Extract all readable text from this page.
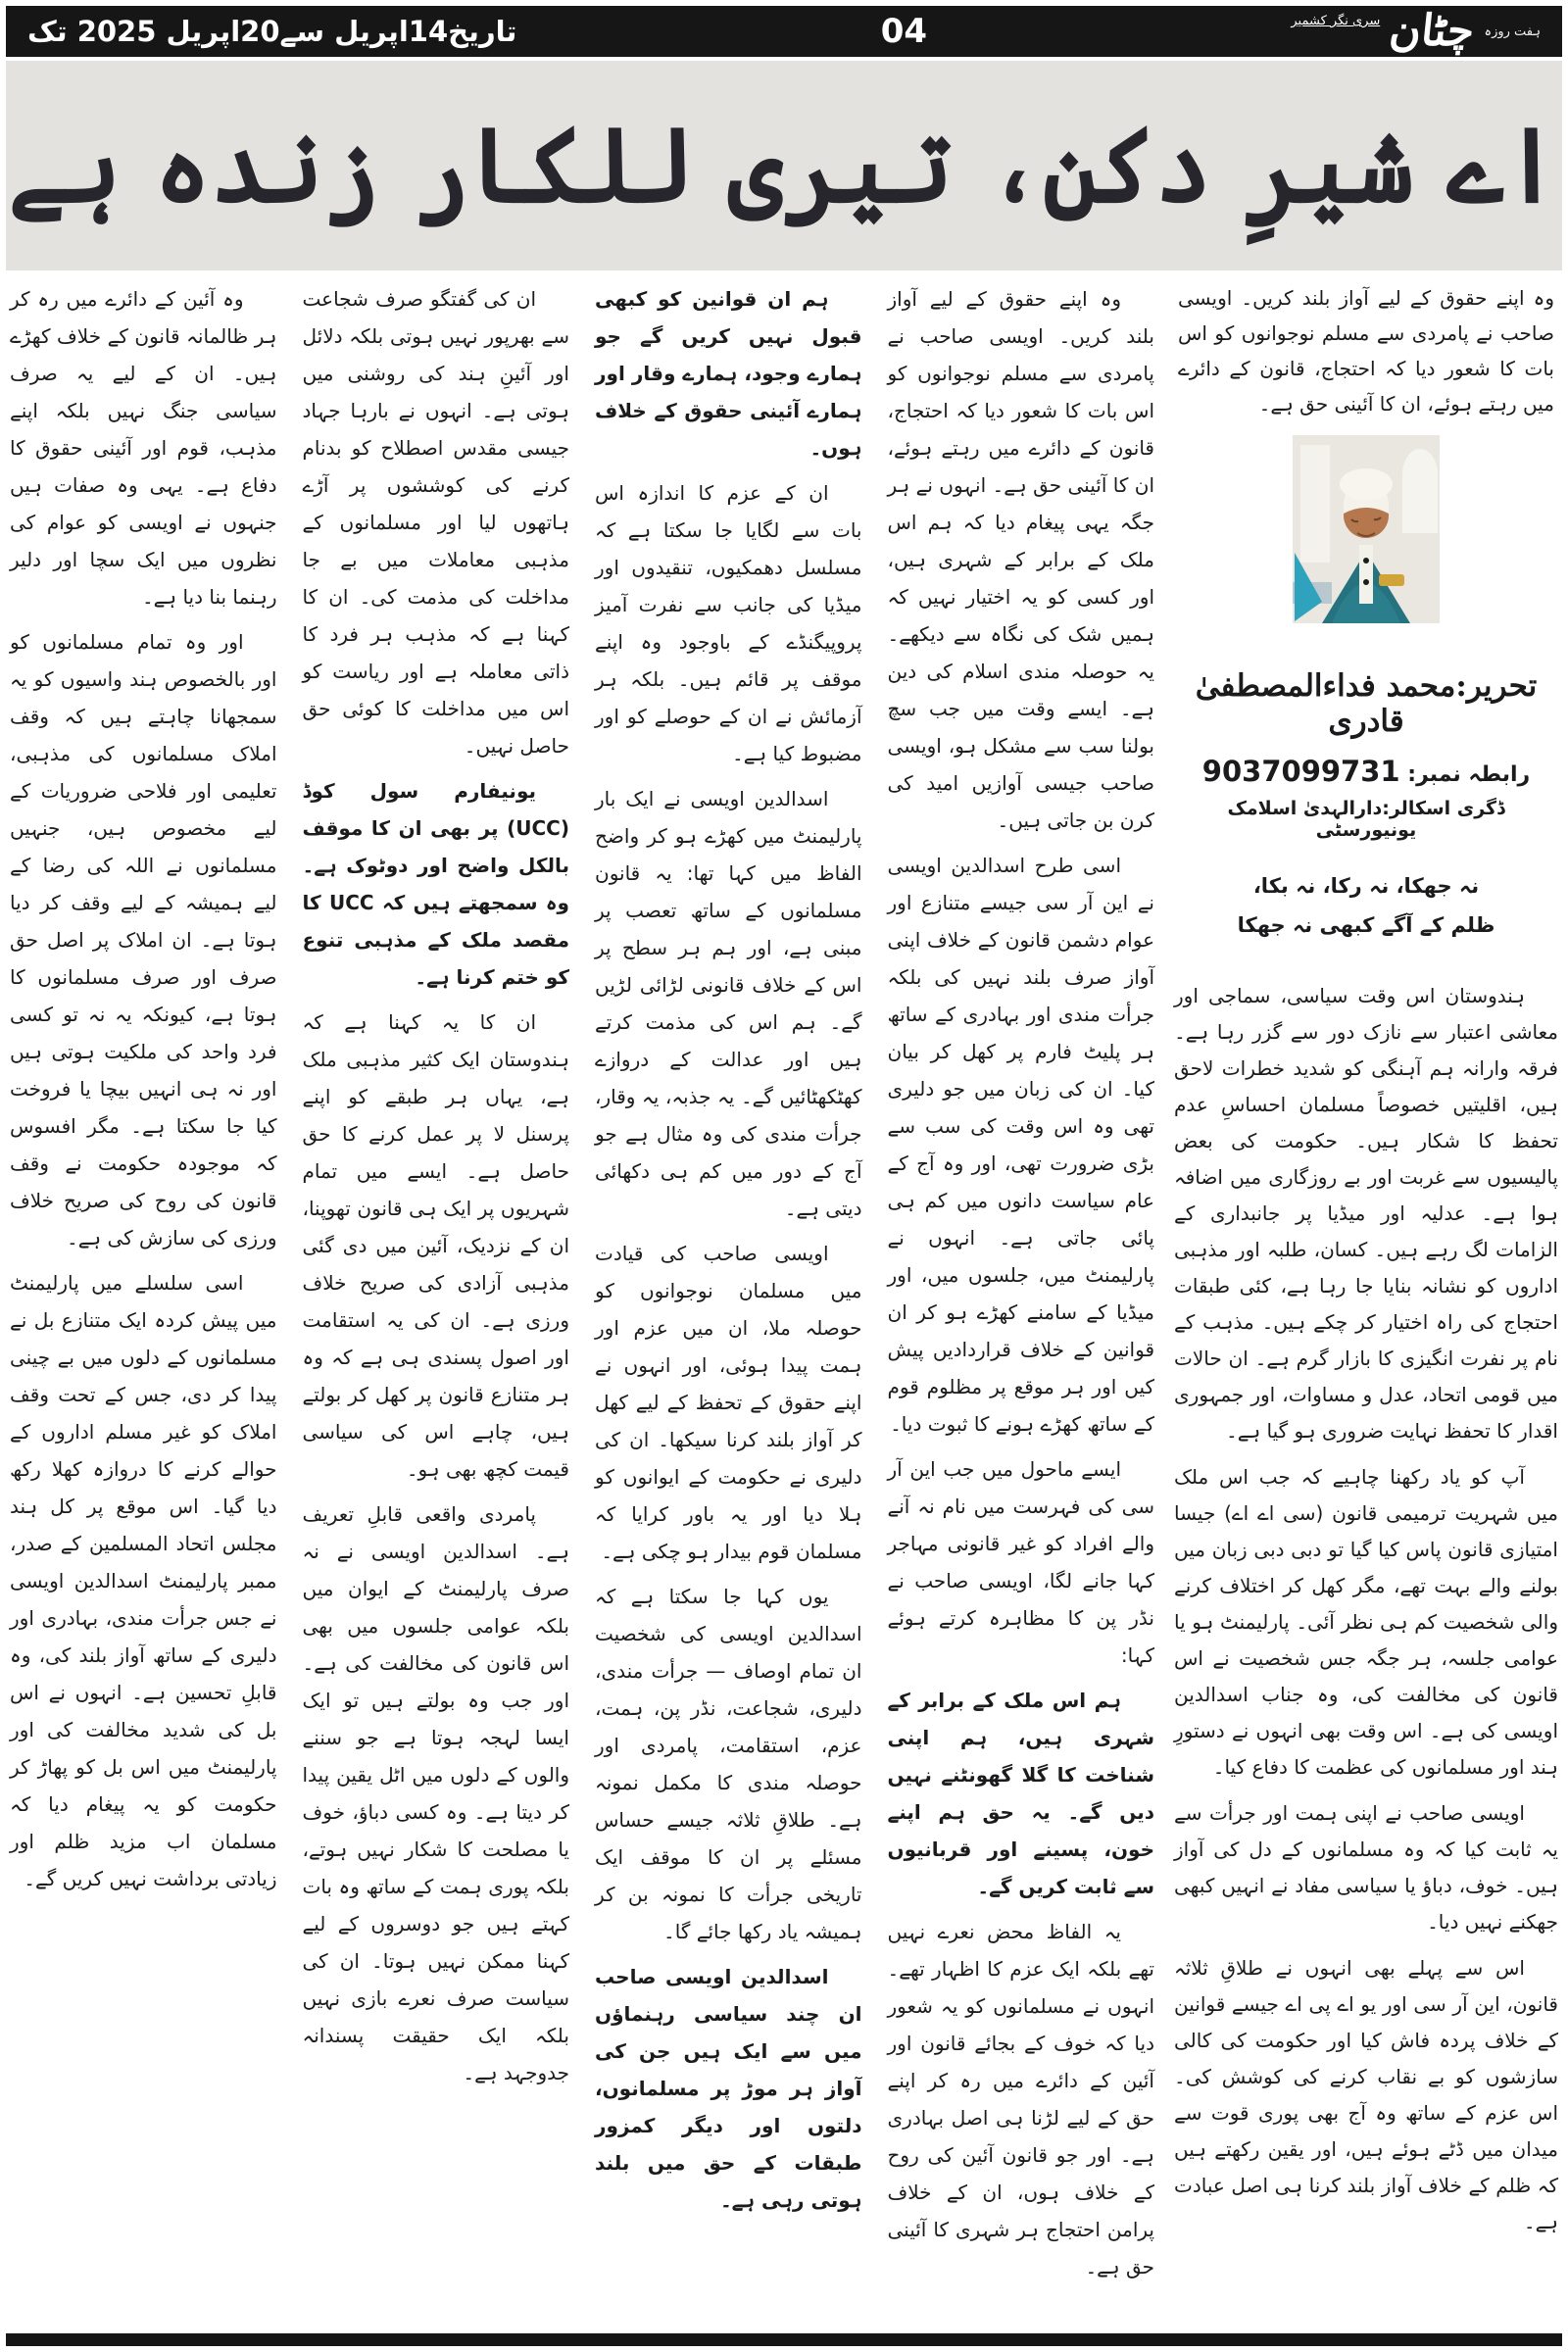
تاریخ14اپریل سے20اپریل 2025 تک	04	ہفت روزہ
چٹان
سری نگر کشمیر
اے شیرِ دکن، تیری للکار زندہ ہے
وہ اپنے حقوق کے لیے آواز بلند کریں۔ اویسی صاحب نے پامردی سے مسلم نوجوانوں کو اس بات کا شعور دیا کہ احتجاج، قانون کے دائرے میں رہتے ہوئے، ان کا آئینی حق ہے۔
تحریر:محمد فداءالمصطفیٰ قادری
رابطہ نمبر: 9037099731
ڈگری اسکالر:دارالہدیٰ اسلامک یونیورسٹی
نہ جھکا، نہ رکا، نہ بکا،
ظلم کے آگے کبھی نہ جھکا

ہندوستان اس وقت سیاسی، سماجی اور معاشی اعتبار سے نازک دور سے گزر رہا ہے۔ فرقہ وارانہ ہم آہنگی کو شدید خطرات لاحق ہیں، اقلیتیں خصوصاً مسلمان احساسِ عدم تحفظ کا شکار ہیں۔ حکومت کی بعض پالیسیوں سے غربت اور بے روزگاری میں اضافہ ہوا ہے۔ عدلیہ اور میڈیا پر جانبداری کے الزامات لگ رہے ہیں۔ کسان، طلبہ اور مذہبی اداروں کو نشانہ بنایا جا رہا ہے، کئی طبقات احتجاج کی راہ اختیار کر چکے ہیں۔ مذہب کے نام پر نفرت انگیزی کا بازار گرم ہے۔ ان حالات میں قومی اتحاد، عدل و مساوات، اور جمہوری اقدار کا تحفظ نہایت ضروری ہو گیا ہے۔

آپ کو یاد رکھنا چاہیے کہ جب اس ملک میں شہریت ترمیمی قانون (سی اے اے) جیسا امتیازی قانون پاس کیا گیا تو دبی دبی زبان میں بولنے والے بہت تھے، مگر کھل کر اختلاف کرنے والی شخصیت کم ہی نظر آئی۔ پارلیمنٹ ہو یا عوامی جلسہ، ہر جگہ جس شخصیت نے اس قانون کی مخالفت کی، وہ جناب اسدالدین اویسی کی ہے۔ اس وقت بھی انہوں نے دستورِ ہند اور مسلمانوں کی عظمت کا دفاع کیا۔

اویسی صاحب نے اپنی ہمت اور جرأت سے یہ ثابت کیا کہ وہ مسلمانوں کے دل کی آواز ہیں۔ خوف، دباؤ یا سیاسی مفاد نے انہیں کبھی جھکنے نہیں دیا۔

اس سے پہلے بھی انہوں نے طلاقِ ثلاثہ قانون، این آر سی اور یو اے پی اے جیسے قوانین کے خلاف پردہ فاش کیا اور حکومت کی کالی سازشوں کو بے نقاب کرنے کی کوشش کی۔ اس عزم کے ساتھ وہ آج بھی پوری قوت سے میدان میں ڈٹے ہوئے ہیں، اور یقین رکھتے ہیں کہ ظلم کے خلاف آواز بلند کرنا ہی اصل عبادت ہے۔

وہ اپنے حقوق کے لیے آواز بلند کریں۔ اویسی صاحب نے پامردی سے مسلم نوجوانوں کو اس بات کا شعور دیا کہ احتجاج، قانون کے دائرے میں رہتے ہوئے، ان کا آئینی حق ہے۔ انہوں نے ہر جگہ یہی پیغام دیا کہ ہم اس ملک کے برابر کے شہری ہیں، اور کسی کو یہ اختیار نہیں کہ ہمیں شک کی نگاہ سے دیکھے۔ یہ حوصلہ مندی اسلام کی دین ہے۔ ایسے وقت میں جب سچ بولنا سب سے مشکل ہو، اویسی صاحب جیسی آوازیں امید کی کرن بن جاتی ہیں۔

اسی طرح اسدالدین اویسی نے این آر سی جیسے متنازع اور عوام دشمن قانون کے خلاف اپنی آواز صرف بلند نہیں کی بلکہ جرأت مندی اور بہادری کے ساتھ ہر پلیٹ فارم پر کھل کر بیان کیا۔ ان کی زبان میں جو دلیری تھی وہ اس وقت کی سب سے بڑی ضرورت تھی، اور وہ آج کے عام سیاست دانوں میں کم ہی پائی جاتی ہے۔ انہوں نے پارلیمنٹ میں، جلسوں میں، اور میڈیا کے سامنے کھڑے ہو کر ان قوانین کے خلاف قراردادیں پیش کیں اور ہر موقع پر مظلوم قوم کے ساتھ کھڑے ہونے کا ثبوت دیا۔

ایسے ماحول میں جب این آر سی کی فہرست میں نام نہ آنے والے افراد کو غیر قانونی مہاجر کہا جانے لگا، اویسی صاحب نے نڈر پن کا مظاہرہ کرتے ہوئے کہا:

ہم اس ملک کے برابر کے شہری ہیں، ہم اپنی شناخت کا گلا گھونٹنے نہیں دیں گے۔ یہ حق ہم اپنے خون، پسینے اور قربانیوں سے ثابت کریں گے۔

یہ الفاظ محض نعرے نہیں تھے بلکہ ایک عزم کا اظہار تھے۔ انہوں نے مسلمانوں کو یہ شعور دیا کہ خوف کے بجائے قانون اور آئین کے دائرے میں رہ کر اپنے حق کے لیے لڑنا ہی اصل بہادری ہے۔ اور جو قانون آئین کی روح کے خلاف ہوں، ان کے خلاف پرامن احتجاج ہر شہری کا آئینی حق ہے۔

ہم ان قوانین کو کبھی قبول نہیں کریں گے جو ہمارے وجود، ہمارے وقار اور ہمارے آئینی حقوق کے خلاف ہوں۔

ان کے عزم کا اندازہ اس بات سے لگایا جا سکتا ہے کہ مسلسل دھمکیوں، تنقیدوں اور میڈیا کی جانب سے نفرت آمیز پروپیگنڈے کے باوجود وہ اپنے موقف پر قائم ہیں۔ بلکہ ہر آزمائش نے ان کے حوصلے کو اور مضبوط کیا ہے۔

اسدالدین اویسی نے ایک بار پارلیمنٹ میں کھڑے ہو کر واضح الفاظ میں کہا تھا: یہ قانون مسلمانوں کے ساتھ تعصب پر مبنی ہے، اور ہم ہر سطح پر اس کے خلاف قانونی لڑائی لڑیں گے۔ ہم اس کی مذمت کرتے ہیں اور عدالت کے دروازے کھٹکھٹائیں گے۔ یہ جذبہ، یہ وقار، جرأت مندی کی وہ مثال ہے جو آج کے دور میں کم ہی دکھائی دیتی ہے۔

اویسی صاحب کی قیادت میں مسلمان نوجوانوں کو حوصلہ ملا، ان میں عزم اور ہمت پیدا ہوئی، اور انہوں نے اپنے حقوق کے تحفظ کے لیے کھل کر آواز بلند کرنا سیکھا۔ ان کی دلیری نے حکومت کے ایوانوں کو ہلا دیا اور یہ باور کرایا کہ مسلمان قوم بیدار ہو چکی ہے۔

یوں کہا جا سکتا ہے کہ اسدالدین اویسی کی شخصیت ان تمام اوصاف — جرأت مندی، دلیری، شجاعت، نڈر پن، ہمت، عزم، استقامت، پامردی اور حوصلہ مندی کا مکمل نمونہ ہے۔ طلاقِ ثلاثہ جیسے حساس مسئلے پر ان کا موقف ایک تاریخی جرأت کا نمونہ بن کر ہمیشہ یاد رکھا جائے گا۔

اسدالدین اویسی صاحب ان چند سیاسی رہنماؤں میں سے ایک ہیں جن کی آواز ہر موڑ پر مسلمانوں، دلتوں اور دیگر کمزور طبقات کے حق میں بلند ہوتی رہی ہے۔

ان کی گفتگو صرف شجاعت سے بھرپور نہیں ہوتی بلکہ دلائل اور آئینِ ہند کی روشنی میں ہوتی ہے۔ انہوں نے بارہا جہاد جیسی مقدس اصطلاح کو بدنام کرنے کی کوششوں پر آڑے ہاتھوں لیا اور مسلمانوں کے مذہبی معاملات میں بے جا مداخلت کی مذمت کی۔ ان کا کہنا ہے کہ مذہب ہر فرد کا ذاتی معاملہ ہے اور ریاست کو اس میں مداخلت کا کوئی حق حاصل نہیں۔

یونیفارم سول کوڈ (UCC) پر بھی ان کا موقف بالکل واضح اور دوٹوک ہے۔ وہ سمجھتے ہیں کہ UCC کا مقصد ملک کے مذہبی تنوع کو ختم کرنا ہے۔

ان کا یہ کہنا ہے کہ ہندوستان ایک کثیر مذہبی ملک ہے، یہاں ہر طبقے کو اپنے پرسنل لا پر عمل کرنے کا حق حاصل ہے۔ ایسے میں تمام شہریوں پر ایک ہی قانون تھوپنا، ان کے نزدیک، آئین میں دی گئی مذہبی آزادی کی صریح خلاف ورزی ہے۔ ان کی یہ استقامت اور اصول پسندی ہی ہے کہ وہ ہر متنازع قانون پر کھل کر بولتے ہیں، چاہے اس کی سیاسی قیمت کچھ بھی ہو۔

پامردی واقعی قابلِ تعریف ہے۔ اسدالدین اویسی نے نہ صرف پارلیمنٹ کے ایوان میں بلکہ عوامی جلسوں میں بھی اس قانون کی مخالفت کی ہے۔ اور جب وہ بولتے ہیں تو ایک ایسا لہجہ ہوتا ہے جو سننے والوں کے دلوں میں اٹل یقین پیدا کر دیتا ہے۔ وہ کسی دباؤ، خوف یا مصلحت کا شکار نہیں ہوتے، بلکہ پوری ہمت کے ساتھ وہ بات کہتے ہیں جو دوسروں کے لیے کہنا ممکن نہیں ہوتا۔ ان کی سیاست صرف نعرے بازی نہیں بلکہ ایک حقیقت پسندانہ جدوجہد ہے۔

وہ آئین کے دائرے میں رہ کر ہر ظالمانہ قانون کے خلاف کھڑے ہیں۔ ان کے لیے یہ صرف سیاسی جنگ نہیں بلکہ اپنے مذہب، قوم اور آئینی حقوق کا دفاع ہے۔ یہی وہ صفات ہیں جنہوں نے اویسی کو عوام کی نظروں میں ایک سچا اور دلیر رہنما بنا دیا ہے۔

اور وہ تمام مسلمانوں کو اور بالخصوص ہند واسیوں کو یہ سمجھانا چاہتے ہیں کہ وقف املاک مسلمانوں کی مذہبی، تعلیمی اور فلاحی ضروریات کے لیے مخصوص ہیں، جنہیں مسلمانوں نے اللہ کی رضا کے لیے ہمیشہ کے لیے وقف کر دیا ہوتا ہے۔ ان املاک پر اصل حق صرف اور صرف مسلمانوں کا ہوتا ہے، کیونکہ یہ نہ تو کسی فرد واحد کی ملکیت ہوتی ہیں اور نہ ہی انہیں بیچا یا فروخت کیا جا سکتا ہے۔ مگر افسوس کہ موجودہ حکومت نے وقف قانون کی روح کی صریح خلاف ورزی کی سازش کی ہے۔

اسی سلسلے میں پارلیمنٹ میں پیش کردہ ایک متنازع بل نے مسلمانوں کے دلوں میں بے چینی پیدا کر دی، جس کے تحت وقف املاک کو غیر مسلم اداروں کے حوالے کرنے کا دروازہ کھلا رکھ دیا گیا۔ اس موقع پر کل ہند مجلس اتحاد المسلمین کے صدر، ممبر پارلیمنٹ اسدالدین اویسی نے جس جرأت مندی، بہادری اور دلیری کے ساتھ آواز بلند کی، وہ قابلِ تحسین ہے۔ انہوں نے اس بل کی شدید مخالفت کی اور پارلیمنٹ میں اس بل کو پھاڑ کر حکومت کو یہ پیغام دیا کہ مسلمان اب مزید ظلم اور زیادتی برداشت نہیں کریں گے۔
